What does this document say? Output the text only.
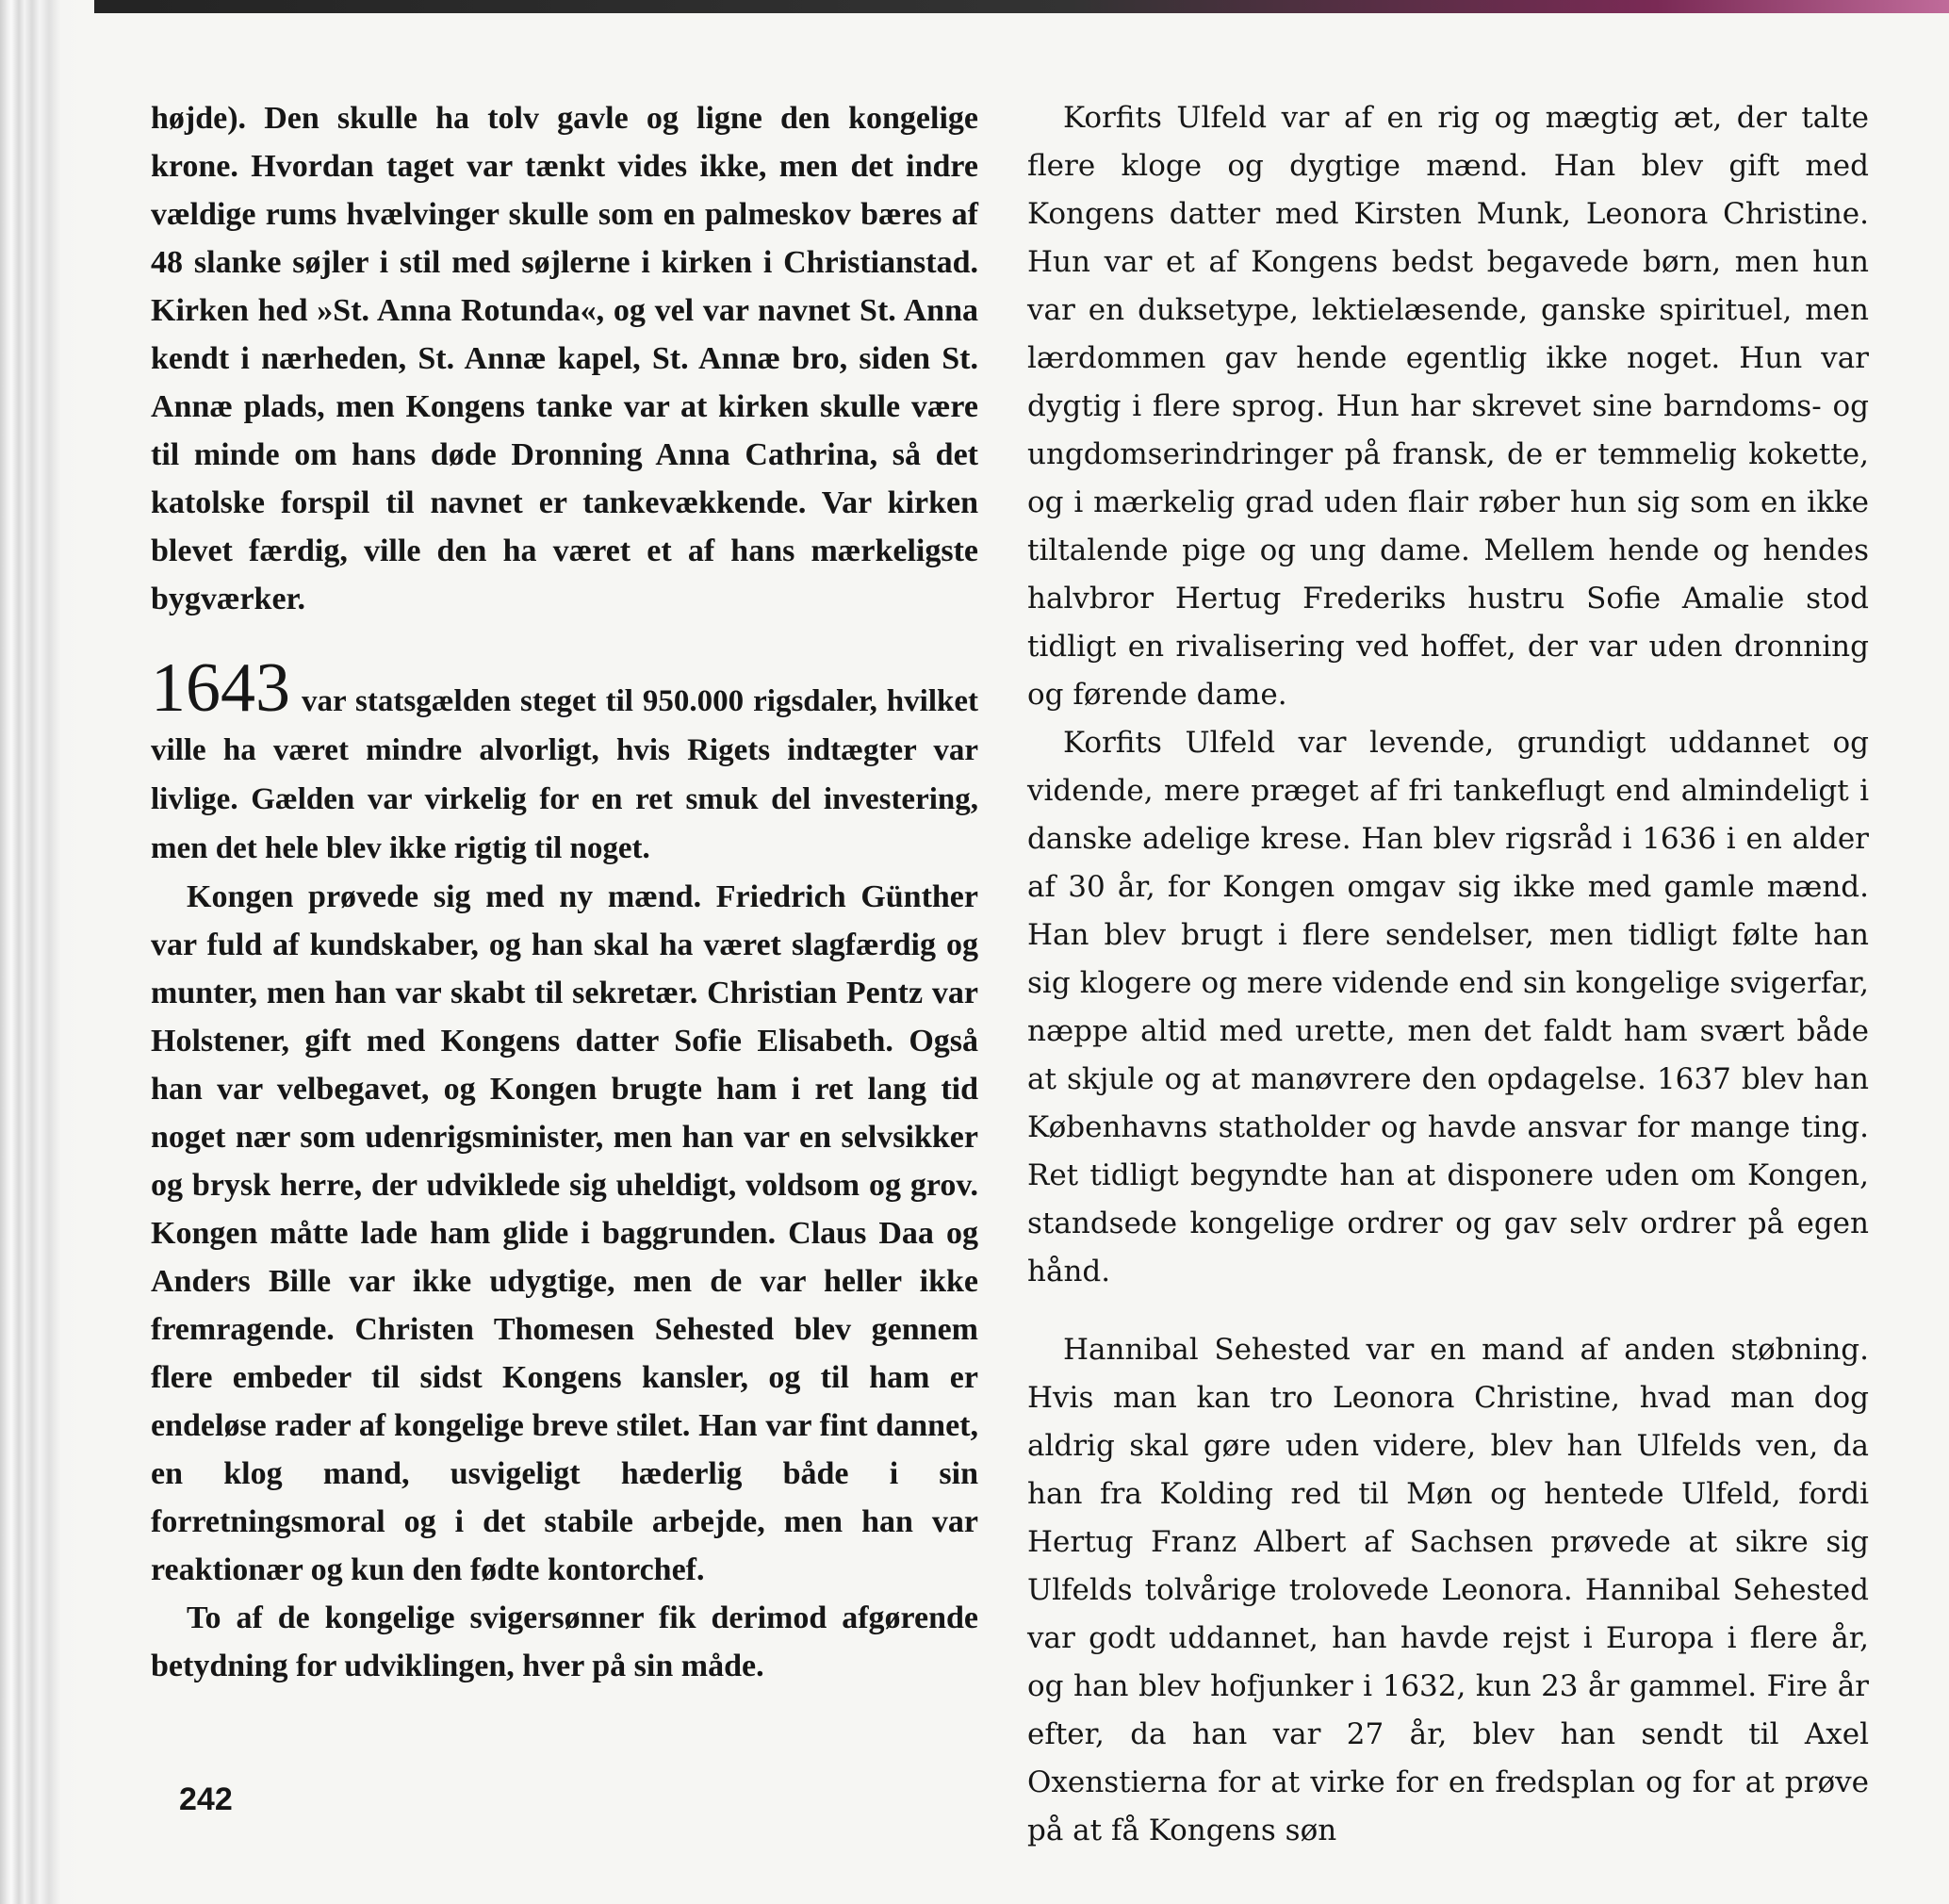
højde). Den skulle ha tolv gavle og ligne den kongelige krone. Hvordan taget var tænkt vides ikke, men det indre vældige rums hvælvinger skulle som en palmeskov bæres af 48 slanke søjler i stil med søjlerne i kirken i Christianstad. Kirken hed »St. Anna Rotunda«, og vel var navnet St. Anna kendt i nærheden, St. Annæ kapel, St. Annæ bro, siden St. Annæ plads, men Kongens tanke var at kirken skulle være til minde om hans døde Dronning Anna Cathrina, så det katolske forspil til navnet er tankevækkende. Var kirken blevet færdig, ville den ha været et af hans mærkeligste bygværker.

1643 var statsgælden steget til 950.000 rigsdaler, hvilket ville ha været mindre alvorligt, hvis Rigets indtægter var livlige. Gælden var virkelig for en ret smuk del investering, men det hele blev ikke rigtig til noget.

Kongen prøvede sig med ny mænd. Friedrich Günther var fuld af kundskaber, og han skal ha været slagfærdig og munter, men han var skabt til sekretær. Christian Pentz var Holstener, gift med Kongens datter Sofie Elisabeth. Også han var velbegavet, og Kongen brugte ham i ret lang tid noget nær som udenrigsminister, men han var en selvsikker og brysk herre, der udviklede sig uheldigt, voldsom og grov. Kongen måtte lade ham glide i baggrunden. Claus Daa og Anders Bille var ikke udygtige, men de var heller ikke fremragende. Christen Thomesen Sehested blev gennem flere embeder til sidst Kongens kansler, og til ham er endeløse rader af kongelige breve stilet. Han var fint dannet, en klog mand, usvigeligt hæderlig både i sin forretningsmoral og i det stabile arbejde, men han var reaktionær og kun den fødte kontorchef.

To af de kongelige svigersønner fik derimod afgørende betydning for udviklingen, hver på sin måde.

Korfits Ulfeld var af en rig og mægtig æt, der talte flere kloge og dygtige mænd. Han blev gift med Kongens datter med Kirsten Munk, Leonora Christine. Hun var et af Kongens bedst begavede børn, men hun var en duksetype, lektielæsende, ganske spirituel, men lærdommen gav hende egentlig ikke noget. Hun var dygtig i flere sprog. Hun har skrevet sine barndoms- og ungdomserindringer på fransk, de er temmelig kokette, og i mærkelig grad uden flair røber hun sig som en ikke tiltalende pige og ung dame. Mellem hende og hendes halvbror Hertug Frederiks hustru Sofie Amalie stod tidligt en rivalisering ved hoffet, der var uden dronning og førende dame.

Korfits Ulfeld var levende, grundigt uddannet og vidende, mere præget af fri tankeflugt end almindeligt i danske adelige krese. Han blev rigsråd i 1636 i en alder af 30 år, for Kongen omgav sig ikke med gamle mænd. Han blev brugt i flere sendelser, men tidligt følte han sig klogere og mere vidende end sin kongelige svigerfar, næppe altid med urette, men det faldt ham svært både at skjule og at manøvrere den opdagelse. 1637 blev han Københavns statholder og havde ansvar for mange ting. Ret tidligt begyndte han at disponere uden om Kongen, standsede kongelige ordrer og gav selv ordrer på egen hånd.

Hannibal Sehested var en mand af anden støbning. Hvis man kan tro Leonora Christine, hvad man dog aldrig skal gøre uden videre, blev han Ulfelds ven, da han fra Kolding red til Møn og hentede Ulfeld, fordi Hertug Franz Albert af Sachsen prøvede at sikre sig Ulfelds tolvårige trolovede Leonora. Hannibal Sehested var godt uddannet, han havde rejst i Europa i flere år, og han blev hofjunker i 1632, kun 23 år gammel. Fire år efter, da han var 27 år, blev han sendt til Axel Oxenstierna for at virke for en fredsplan og for at prøve på at få Kongens søn

242
